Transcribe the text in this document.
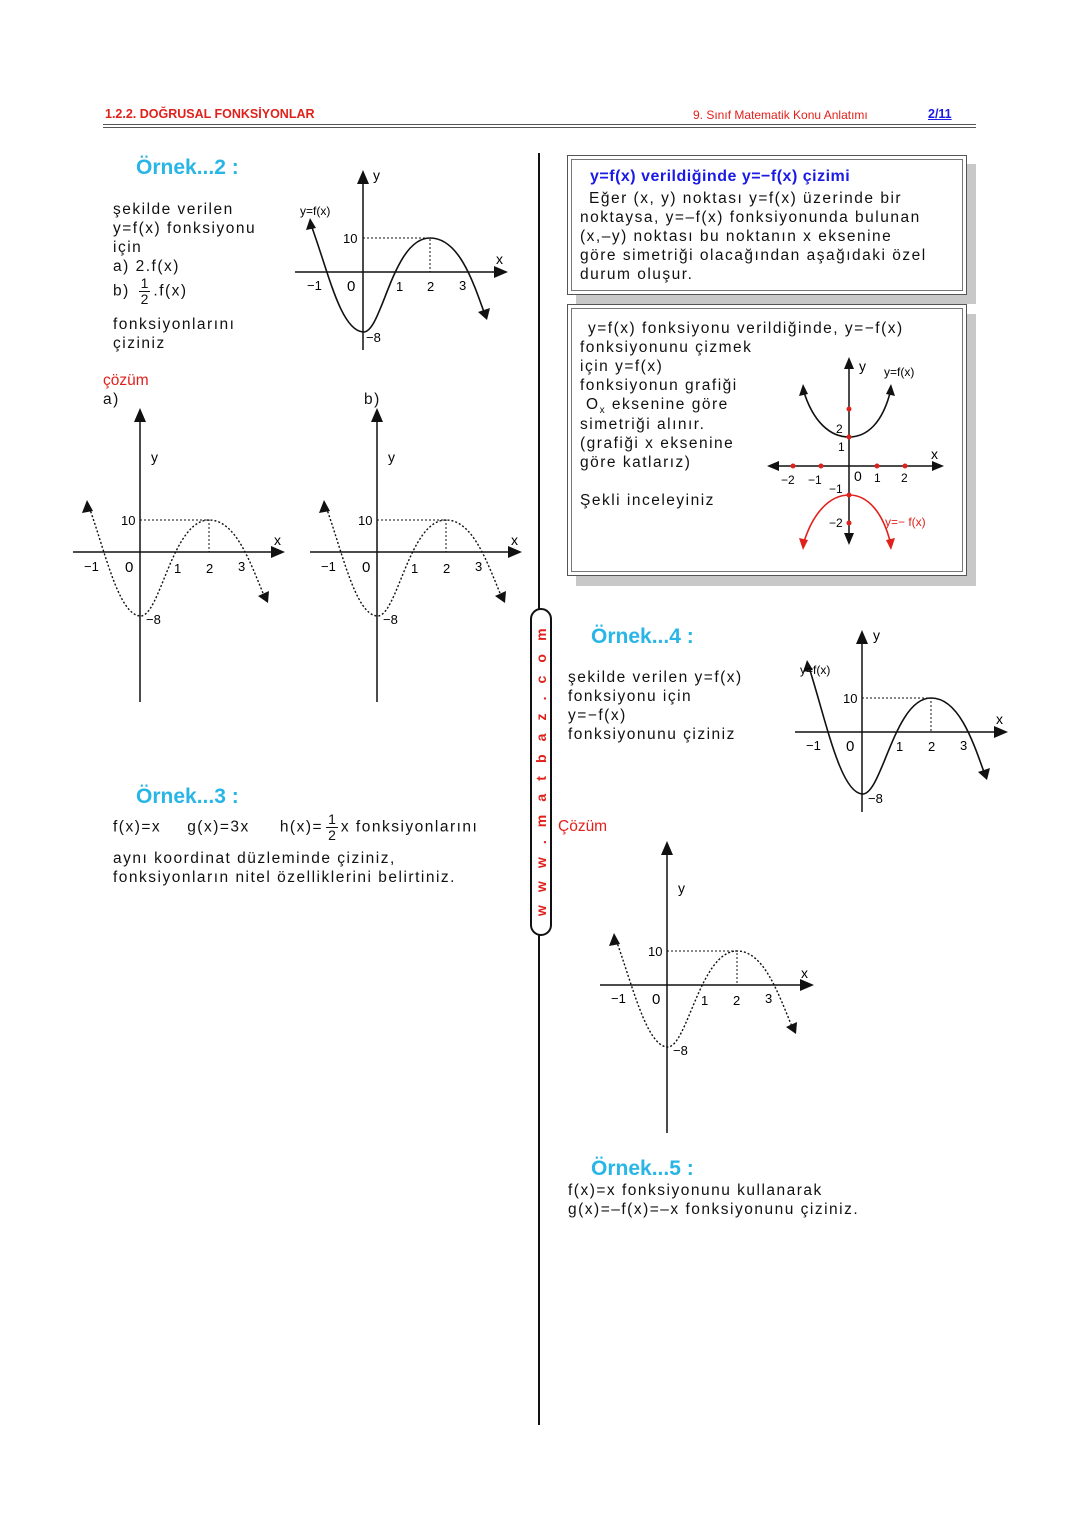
1.2.2. DOĞRUSAL FONKSİYONLAR	9. Sınıf Matematik Konu Anlatımı	2/11
w w w . m a t b a z . c o m
Örnek...2 :
şekilde verilen
y=f(x) fonksiyonu
için
a) 2.f(x)
$b) \frac{1}{2} .f(x)$
fonksiyonlarını
çiziniz
y
x
y=f(x)
10
−8
−1 0	1 2 3
çözüm
a)	b)
y
x
10
−8
−1 0	1 2 3
y
x
10
−8
−1 0	1 2 3
Örnek...3 :
f(x)=x g(x)=3x $h(x)= \frac{1}{2}$ x fonksiyonlarını
aynı koordinat düzleminde çiziniz,
fonksiyonların nitel özelliklerini belirtiniz.
y=f(x) verildiğinde y=−f(x) çizimi
Eğer (x, y) noktası y=f(x) üzerinde bir
noktaysa, y=–f(x) fonksiyonunda bulunan
(x,–y) noktası bu noktanın x eksenine
göre simetriği olacağından aşağıdaki özel
durum oluşur.
y=f(x) fonksiyonu verildiğinde, y=−f(x)
fonksiyonunu çizmek
için y=f(x)
fonksiyonun grafiği
$O_x$ eksenine göre
simetriği alınır.
(grafiği x eksenine
göre katlarız)
Şekli inceleyiniz
y
x
y=f(x)
y=− f(x)
2
1
−1
−2
0
−2 −1	1 2
Örnek...4 :
şekilde verilen y=f(x)
fonksiyonu için
y=−f(x)
fonksiyonunu çiziniz
y
x
y=f(x)
10
−8
−1 0	1 2 3
Çözüm
y
x
10
−8
−1 0	1 2 3
Örnek...5 :
f(x)=x fonksiyonunu kullanarak
g(x)=–f(x)=–x fonksiyonunu çiziniz.
